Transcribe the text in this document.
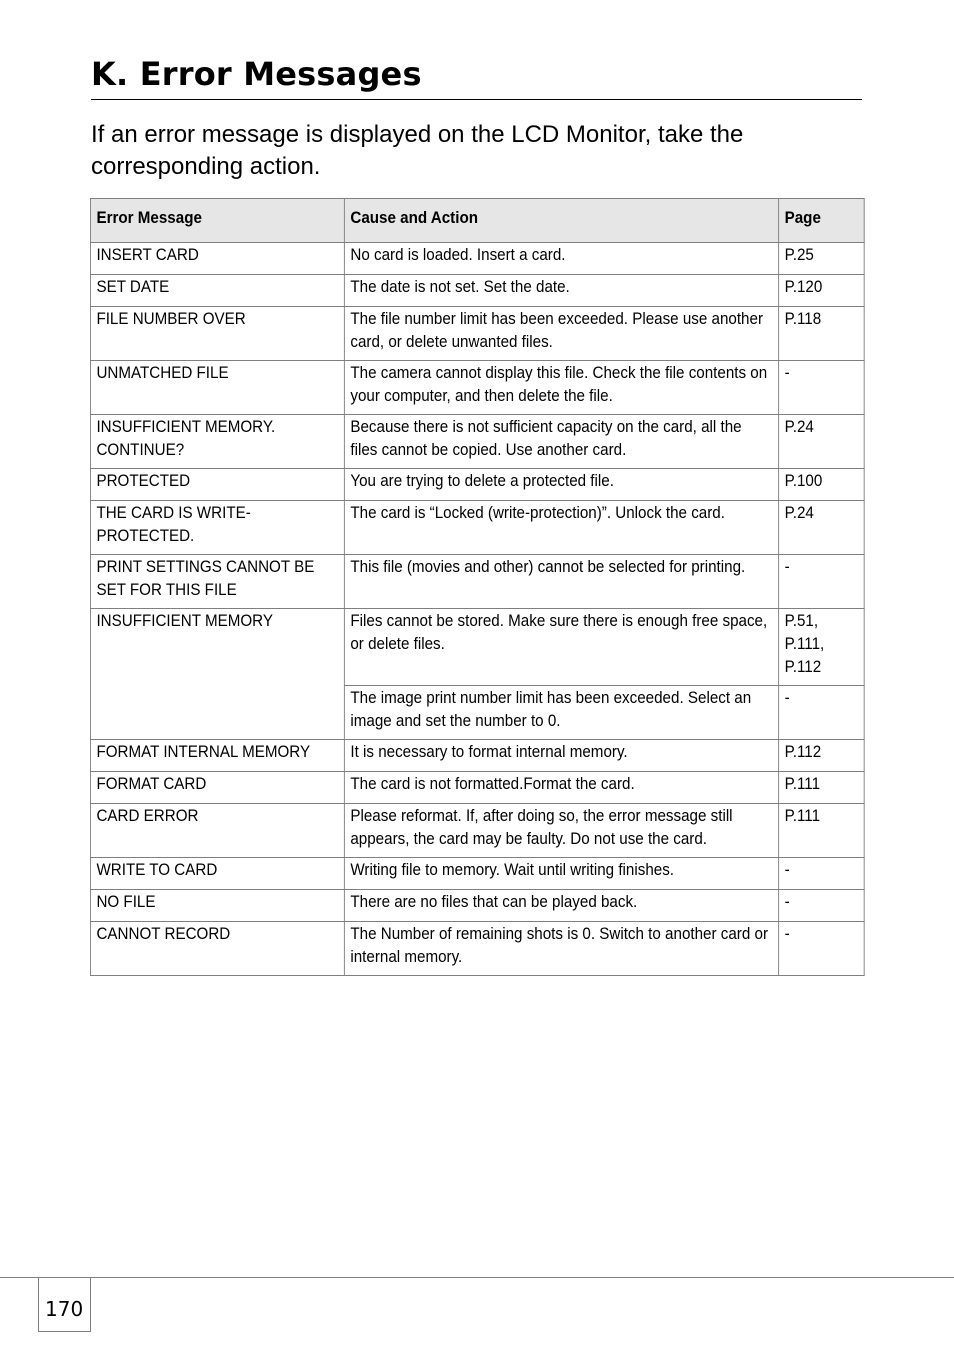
K. Error Messages

If an error message is displayed on the LCD Monitor, take the corresponding action.

Error Message	Cause and Action	Page
INSERT CARD	No card is loaded. Insert a card.	P.25
SET DATE	The date is not set. Set the date.	P.120
FILE NUMBER OVER	The file number limit has been exceeded. Please use another card, or delete unwanted files.	P.118
UNMATCHED FILE	The camera cannot display this file. Check the file contents on your computer, and then delete the file.	-
INSUFFICIENT MEMORY. CONTINUE?	Because there is not sufficient capacity on the card, all the files cannot be copied. Use another card.	P.24
PROTECTED	You are trying to delete a protected file.	P.100
THE CARD IS WRITE-PROTECTED.	The card is “Locked (write-protection)”. Unlock the card.	P.24
PRINT SETTINGS CANNOT BE SET FOR THIS FILE	This file (movies and other) cannot be selected for printing.	-
INSUFFICIENT MEMORY	Files cannot be stored. Make sure there is enough free space, or delete files.	P.51, P.111, P.112
	The image print number limit has been exceeded. Select an image and set the number to 0.	-
FORMAT INTERNAL MEMORY	It is necessary to format internal memory.	P.112
FORMAT CARD	The card is not formatted.Format the card.	P.111
CARD ERROR	Please reformat. If, after doing so, the error message still appears, the card may be faulty. Do not use the card.	P.111
WRITE TO CARD	Writing file to memory. Wait until writing finishes.	-
NO FILE	There are no files that can be played back.	-
CANNOT RECORD	The Number of remaining shots is 0. Switch to another card or internal memory.	-
170
